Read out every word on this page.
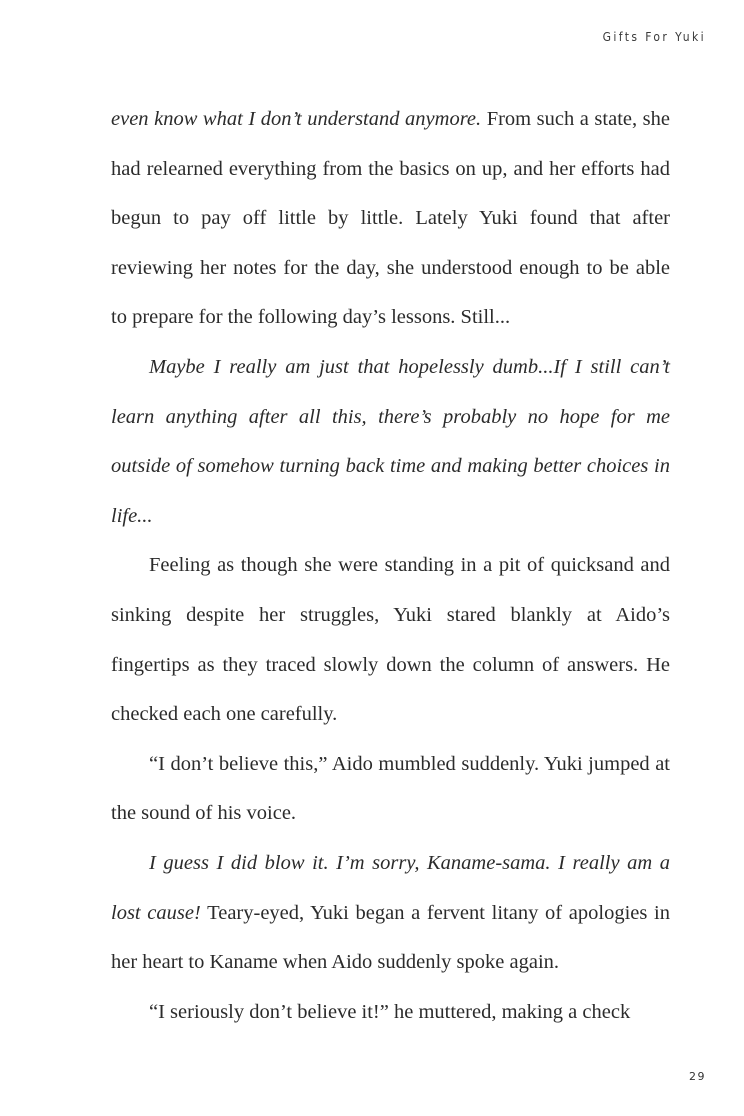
Gifts For Yuki

even know what I don’t understand anymore. From such a state, she had relearned everything from the basics on up, and her efforts had begun to pay off little by little. Lately Yuki found that after reviewing her notes for the day, she understood enough to be able to prepare for the following day’s lessons. Still...

Maybe I really am just that hopelessly dumb...If I still can’t learn anything after all this, there’s probably no hope for me outside of somehow turning back time and making better choices in life...

Feeling as though she were standing in a pit of quicksand and sinking despite her struggles, Yuki stared blankly at Aido’s fingertips as they traced slowly down the column of answers. He checked each one carefully.

“I don’t believe this,” Aido mumbled suddenly. Yuki jumped at the sound of his voice.

I guess I did blow it. I’m sorry, Kaname-sama. I really am a lost cause! Teary-eyed, Yuki began a fervent litany of apologies in her heart to Kaname when Aido suddenly spoke again.

“I seriously don’t believe it!” he muttered, making a check

29
